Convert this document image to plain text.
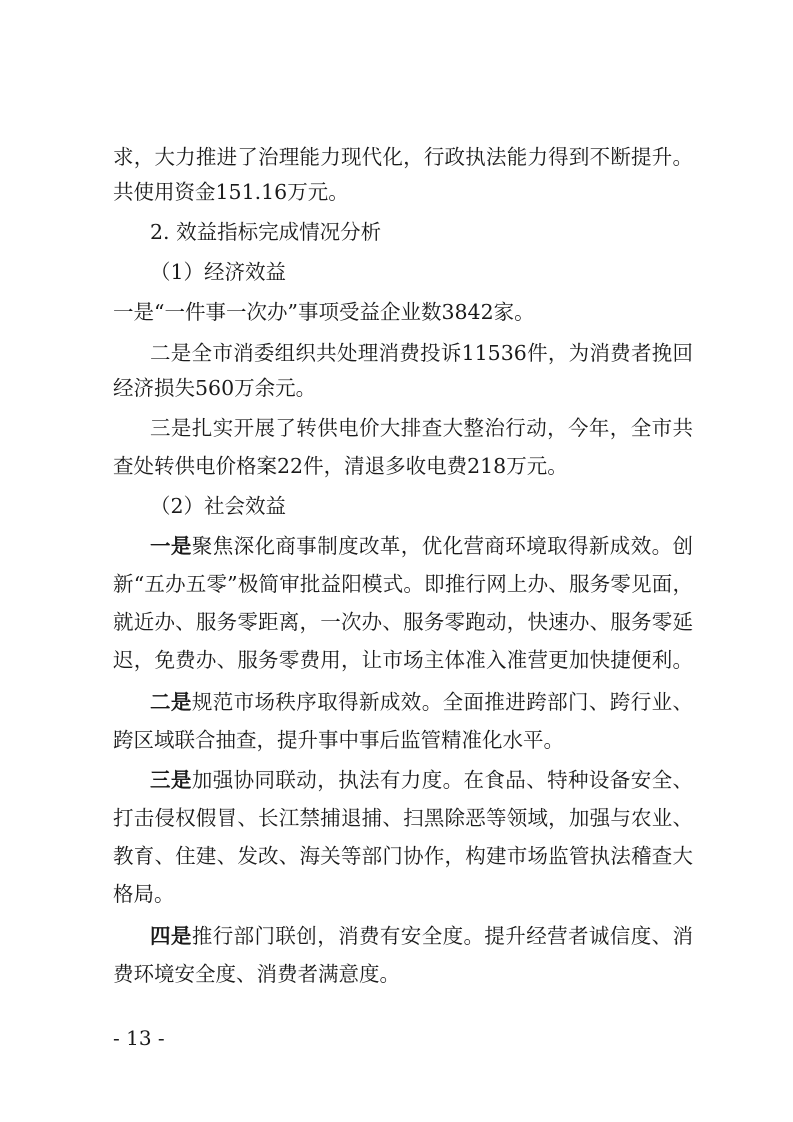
求，大力推进了治理能力现代化，行政执法能力得到不断提升。
共使用资金151.16万元。
2. 效益指标完成情况分析
（1）经济效益
一是“一件事一次办”事项受益企业数3842家。
二是全市消委组织共处理消费投诉11536件，为消费者挽回
经济损失560万余元。
三是扎实开展了转供电价大排查大整治行动，今年，全市共
查处转供电价格案22件，清退多收电费218万元。
（2）社会效益
一是聚焦深化商事制度改革，优化营商环境取得新成效。创
新“五办五零”极简审批益阳模式。即推行网上办、服务零见面，
就近办、服务零距离，一次办、服务零跑动，快速办、服务零延
迟，免费办、服务零费用，让市场主体准入准营更加快捷便利。
二是规范市场秩序取得新成效。全面推进跨部门、跨行业、
跨区域联合抽查，提升事中事后监管精准化水平。
三是加强协同联动，执法有力度。在食品、特种设备安全、
打击侵权假冒、长江禁捕退捕、扫黑除恶等领域，加强与农业、
教育、住建、发改、海关等部门协作，构建市场监管执法稽查大
格局。
四是推行部门联创，消费有安全度。提升经营者诚信度、消
费环境安全度、消费者满意度。
- 13 -
